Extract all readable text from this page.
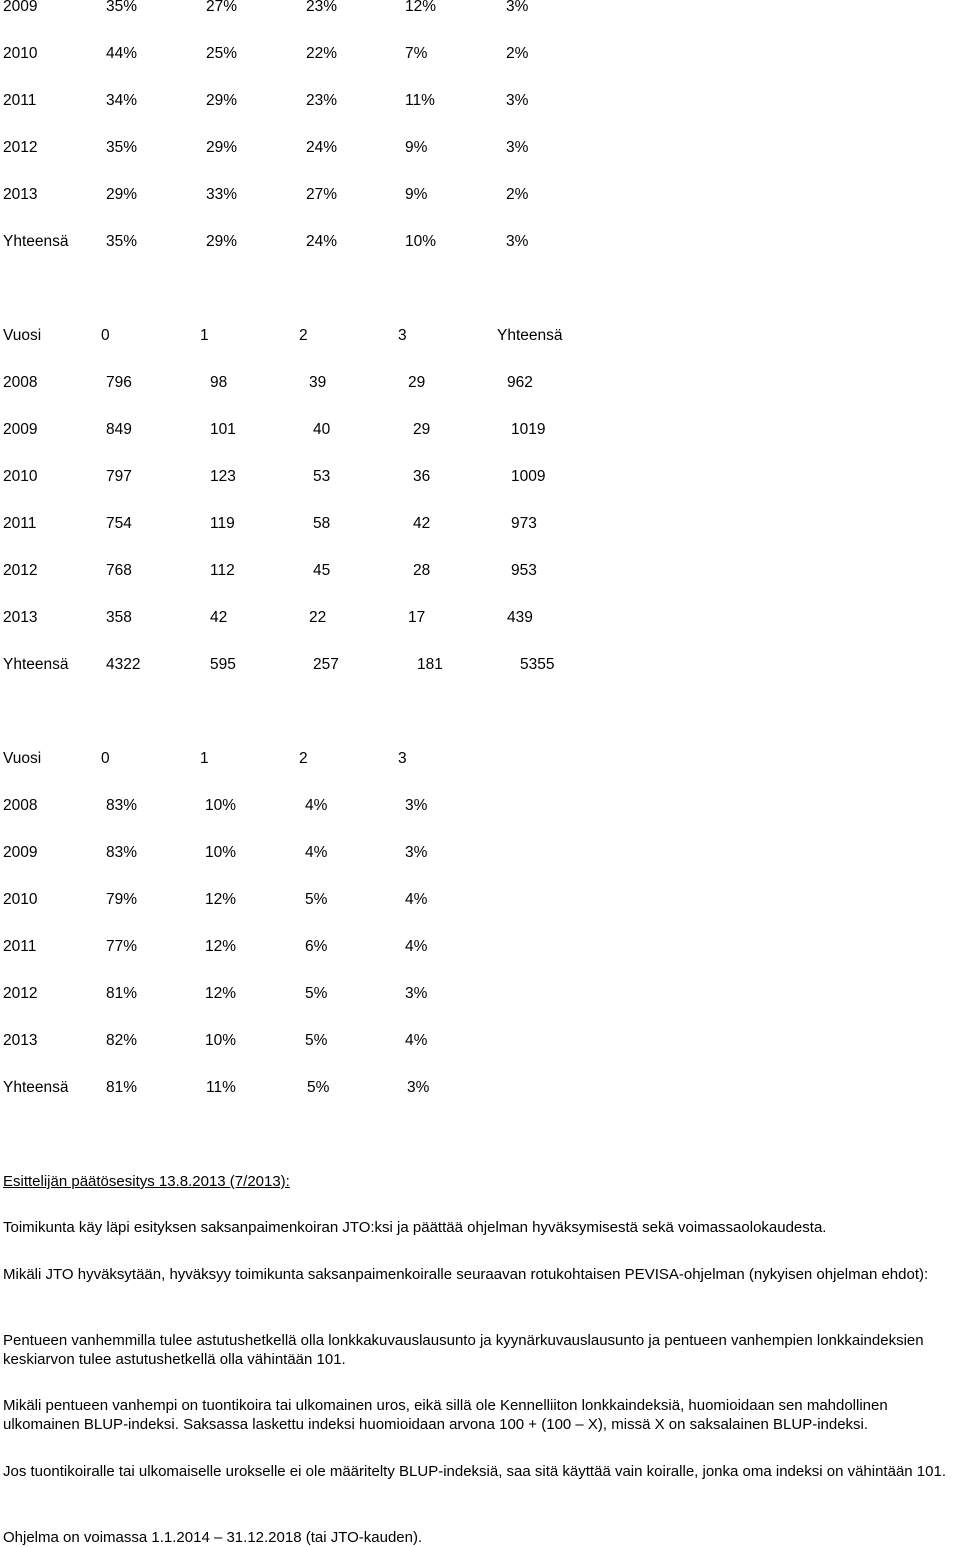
2009	35%	27%	23%	12%	3%
2010	44%	25%	22%	7%	2%
2011	34%	29%	23%	11%	3%
2012	35%	29%	24%	9%	3%
2013	29%	33%	27%	9%	2%
Yhteensä 35%	29%	24%	10%	3%
Vuosi	0	1	2	3	Yhteensä
2008	796	98	39	29	962
2009	849	101	40	29	1019
2010	797	123	53	36	1009
2011	754	119	58	42	973
2012	768	112	45	28	953
2013	358	42	22	17	439
Yhteensä 4322	595	257	181	5355
Vuosi	0	1	2	3
2008	83%	10%	4%	3%
2009	83%	10%	4%	3%
2010	79%	12%	5%	4%
2011	77%	12%	6%	4%
2012	81%	12%	5%	3%
2013	82%	10%	5%	4%
Yhteensä 81%	11%	5%	3%

Esittelijän päätösesitys 13.8.2013 (7/2013):

Toimikunta käy läpi esityksen saksanpaimenkoiran JTO:ksi ja päättää ohjelman hyväksymisestä sekä voimassaolokaudesta.

Mikäli JTO hyväksytään, hyväksyy toimikunta saksanpaimenkoiralle seuraavan rotukohtaisen PEVISA-ohjelman (nykyisen ohjelman ehdot):

Pentueen vanhemmilla tulee astutushetkellä olla lonkkakuvauslausunto ja kyynärkuvauslausunto ja pentueen vanhempien lonkkaindeksien keskiarvon tulee astutushetkellä olla vähintään 101.

Mikäli pentueen vanhempi on tuontikoira tai ulkomainen uros, eikä sillä ole Kennelliiton lonkkaindeksiä, huomioidaan sen mahdollinen ulkomainen BLUP-indeksi. Saksassa laskettu indeksi huomioidaan arvona 100 + (100 – X), missä X on saksalainen BLUP-indeksi.

Jos tuontikoiralle tai ulkomaiselle urokselle ei ole määritelty BLUP-indeksiä, saa sitä käyttää vain koiralle, jonka oma indeksi on vähintään 101.

Ohjelma on voimassa 1.1.2014 – 31.12.2018 (tai JTO-kauden).
